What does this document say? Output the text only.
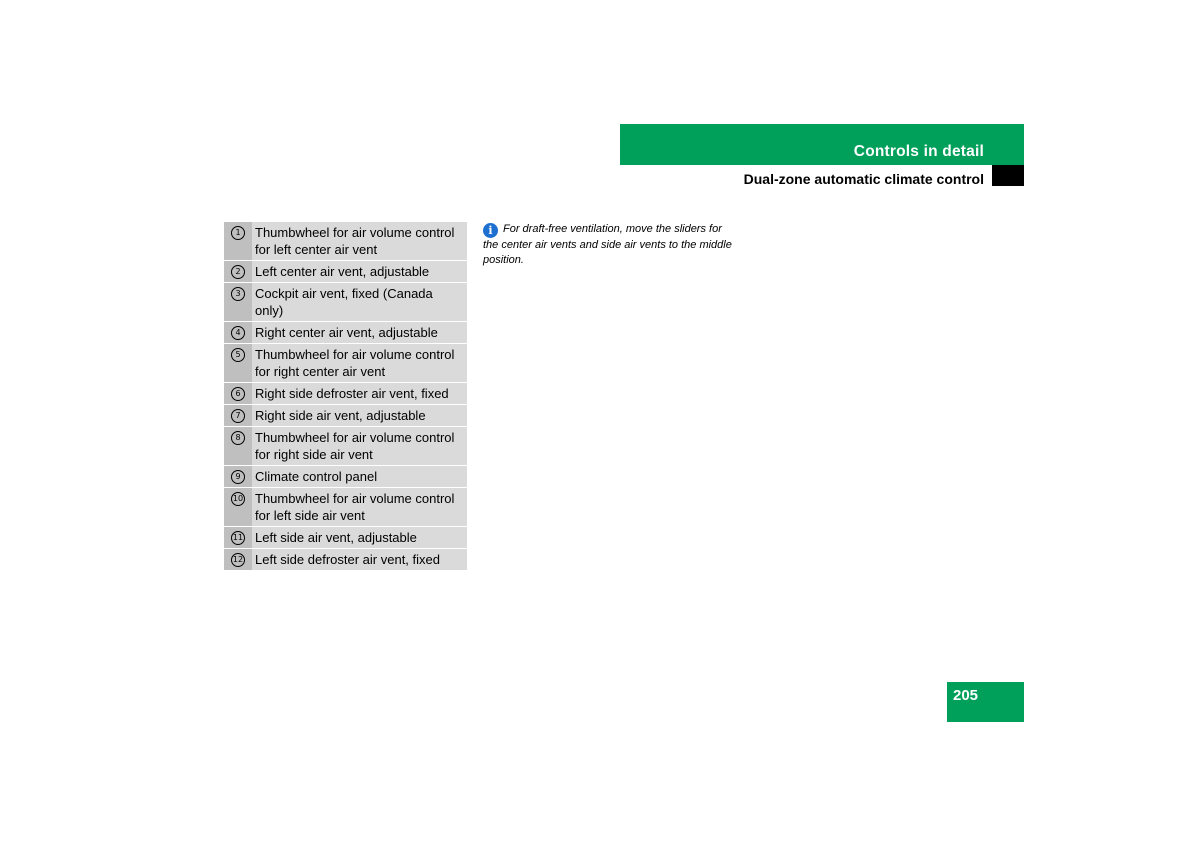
Controls in detail
Dual-zone automatic climate control
1	Thumbwheel for air volume control for left center air vent
2	Left center air vent, adjustable
3	Cockpit air vent, fixed (Canada only)
4	Right center air vent, adjustable
5	Thumbwheel for air volume control for right center air vent
6	Right side defroster air vent, fixed
7	Right side air vent, adjustable
8	Thumbwheel for air volume control for right side air vent
9	Climate control panel
10	Thumbwheel for air volume control for left side air vent
11	Left side air vent, adjustable
12	Left side defroster air vent, fixed
i For draft-free ventilation, move the sliders for the center air vents and side air vents to the middle position.
205
